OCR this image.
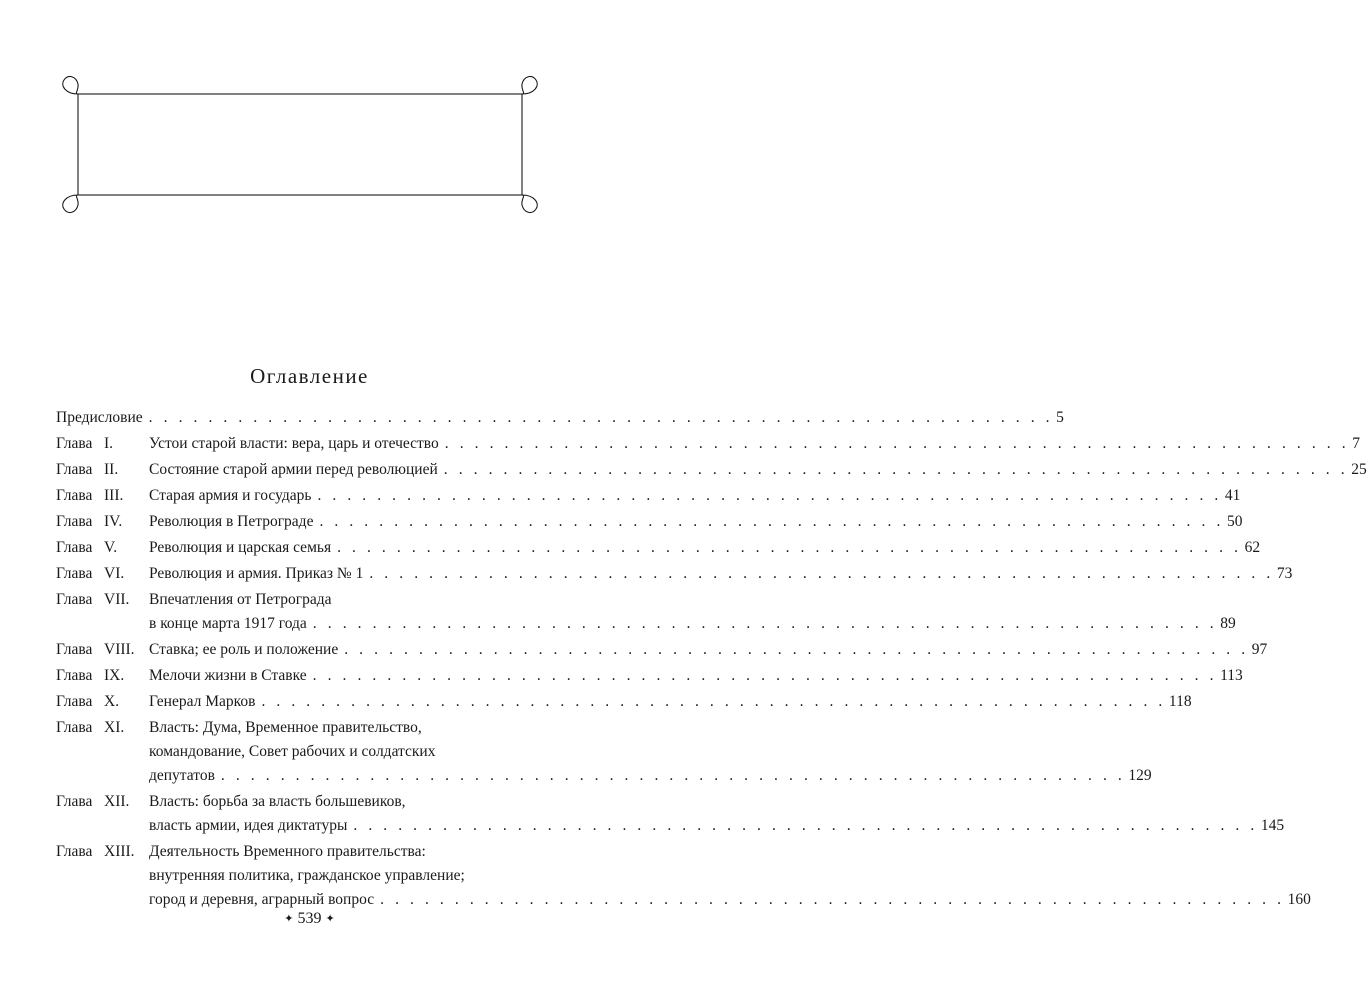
Оглавление
Предисловие . . . . . . . . . . . . . . . . . . . . . . . . . . . . . . . . . . . . . . . . . . . . . . . . . . . . . . . . . . . . . 5
Глава I. Устои старой власти: вера, царь и отечество . . . . . . . . . . . . . . . . . . . . . . . . . . . . . . . . . . . . . . . . . . . . . . . . . . . . . . . . . . . . . 7
Глава II. Состояние старой армии перед революцией . . . . . . . . . . . . . . . . . . . . . . . . . . . . . . . . . . . . . . . . . . . . . . . . . . . . . . . . . . . . . 25
Глава III. Старая армия и государь . . . . . . . . . . . . . . . . . . . . . . . . . . . . . . . . . . . . . . . . . . . . . . . . . . . . . . . . . . . . . 41
Глава IV. Революция в Петрограде . . . . . . . . . . . . . . . . . . . . . . . . . . . . . . . . . . . . . . . . . . . . . . . . . . . . . . . . . . . . . 50
Глава V. Революция и царская семья . . . . . . . . . . . . . . . . . . . . . . . . . . . . . . . . . . . . . . . . . . . . . . . . . . . . . . . . . . . . . 62
Глава VI. Революция и армия. Приказ № 1 . . . . . . . . . . . . . . . . . . . . . . . . . . . . . . . . . . . . . . . . . . . . . . . . . . . . . . . . . . . . . 73
Глава VII. Впечатления от Петрограда
в конце марта 1917 года . . . . . . . . . . . . . . . . . . . . . . . . . . . . . . . . . . . . . . . . . . . . . . . . . . . . . . . . . . . . . 89
Глава VIII. Ставка; ее роль и положение . . . . . . . . . . . . . . . . . . . . . . . . . . . . . . . . . . . . . . . . . . . . . . . . . . . . . . . . . . . . . 97
Глава IX. Мелочи жизни в Ставке . . . . . . . . . . . . . . . . . . . . . . . . . . . . . . . . . . . . . . . . . . . . . . . . . . . . . . . . . . . . . 113
Глава X. Генерал Марков . . . . . . . . . . . . . . . . . . . . . . . . . . . . . . . . . . . . . . . . . . . . . . . . . . . . . . . . . . . . . 118
Глава XI. Власть: Дума, Временное правительство,
командование, Совет рабочих и солдатских
депутатов . . . . . . . . . . . . . . . . . . . . . . . . . . . . . . . . . . . . . . . . . . . . . . . . . . . . . . . . . . . . . 129
Глава XII. Власть: борьба за власть большевиков,
власть армии, идея диктатуры . . . . . . . . . . . . . . . . . . . . . . . . . . . . . . . . . . . . . . . . . . . . . . . . . . . . . . . . . . . . . 145
Глава XIII. Деятельность Временного правительства:
внутренняя политика, гражданское управление;
город и деревня, аграрный вопрос . . . . . . . . . . . . . . . . . . . . . . . . . . . . . . . . . . . . . . . . . . . . . . . . . . . . . . . . . . . . . 160
✦ 539 ✦
